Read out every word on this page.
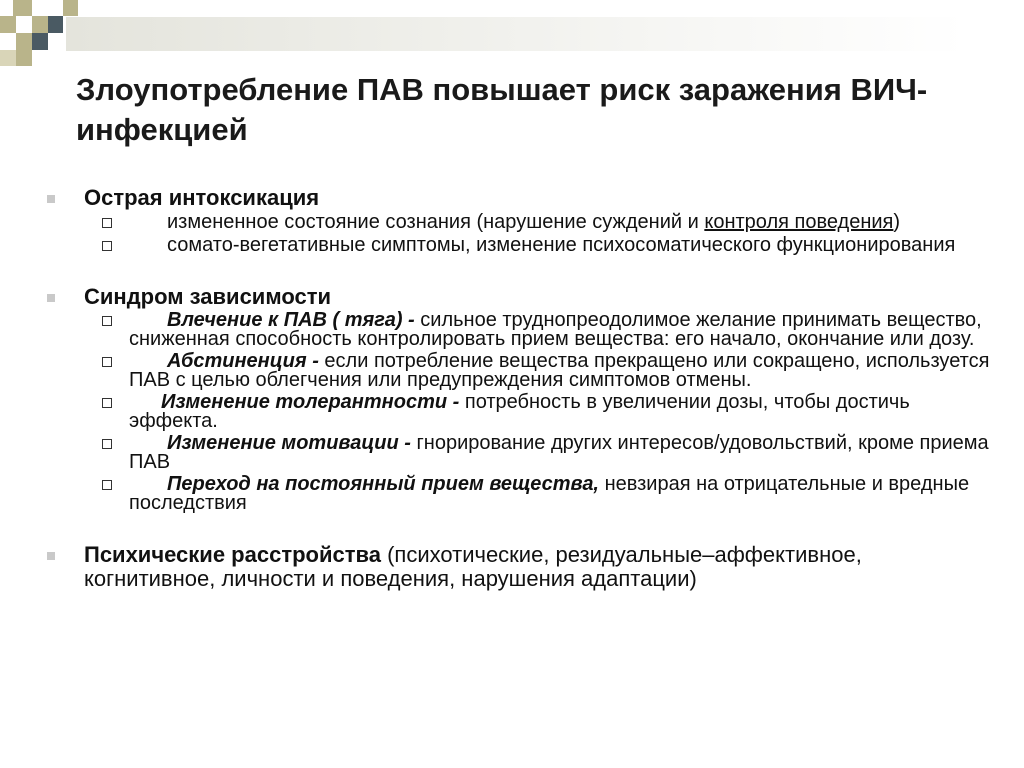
Злоупотребление ПАВ повышает риск заражения ВИЧ-инфекцией
Острая интоксикация
измененное состояние сознания (нарушение суждений и контроля поведения)
сомато-вегетативные симптомы, изменение психосоматического функционирования
Синдром зависимости
Влечение к ПАВ ( тяга) - сильное труднопреодолимое желание принимать вещество, сниженная способность контролировать прием вещества: его начало, окончание или дозу.
Абстиненция - если потребление вещества прекращено или сокращено, используется ПАВ с целью облегчения или предупреждения симптомов отмены.
Изменение толерантности - потребность в увеличении дозы, чтобы достичь эффекта.
Изменение мотивации - гнорирование других интересов/удовольствий, кроме приема ПАВ
Переход на постоянный прием вещества, невзирая на отрицательные и вредные последствия
Психические расстройства (психотические, резидуальные–аффективное, когнитивное, личности и поведения, нарушения адаптации)
